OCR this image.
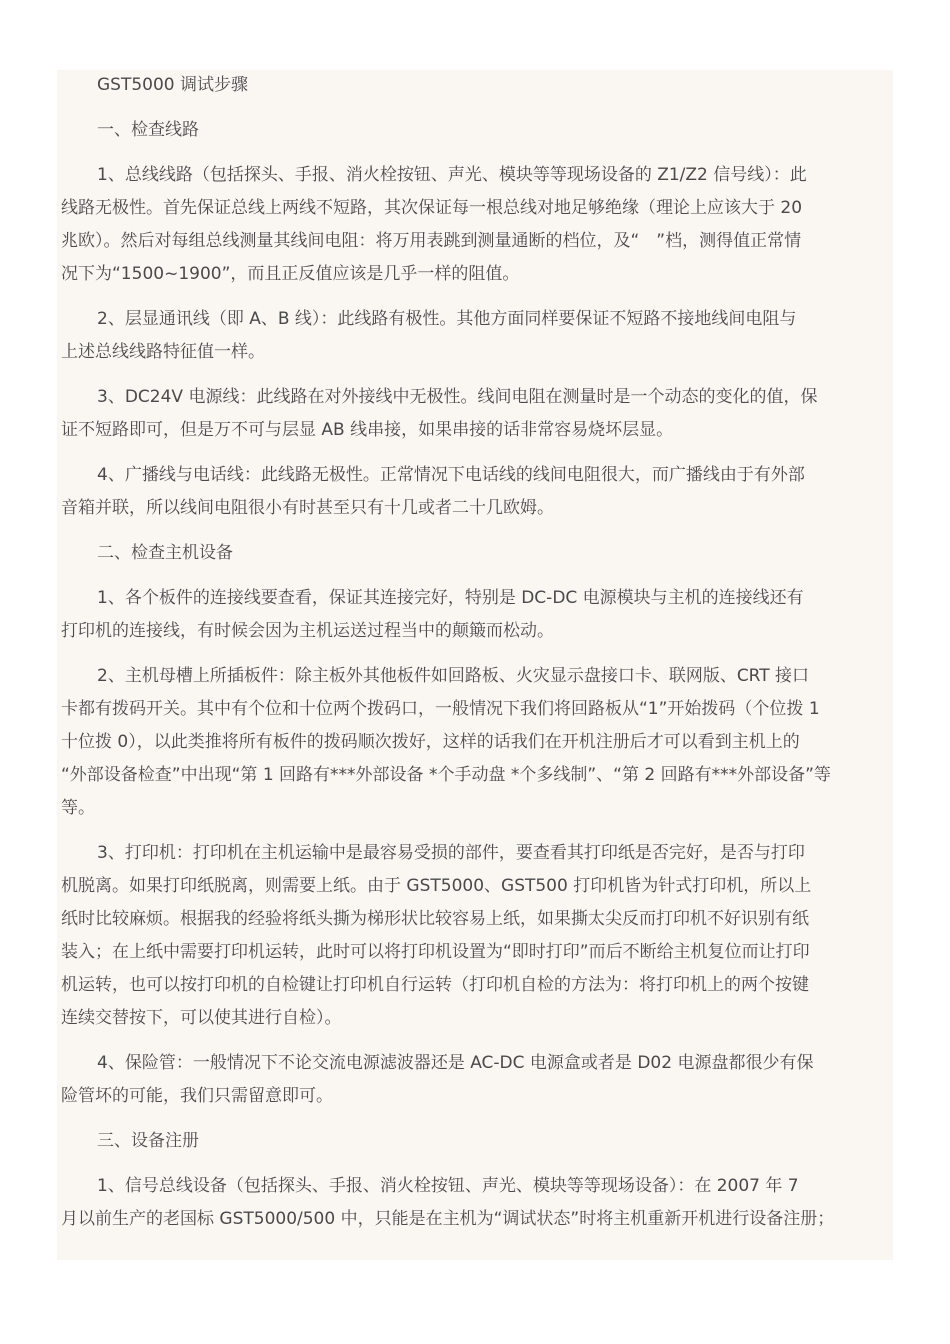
GST5000 调试步骤
一、检查线路
1、总线线路（包括探头、手报、消火栓按钮、声光、模块等等现场设备的 Z1/Z2 信号线）：此
线路无极性。首先保证总线上两线不短路，其次保证每一根总线对地足够绝缘（理论上应该大于 20
兆欧）。然后对每组总线测量其线间电阻：将万用表跳到测量通断的档位，及“　”档，测得值正常情
况下为“1500~1900”，而且正反值应该是几乎一样的阻值。
2、层显通讯线（即 A、B 线）：此线路有极性。其他方面同样要保证不短路不接地线间电阻与
上述总线线路特征值一样。
3、DC24V 电源线：此线路在对外接线中无极性。线间电阻在测量时是一个动态的变化的值，保
证不短路即可，但是万不可与层显 AB 线串接，如果串接的话非常容易烧坏层显。
4、广播线与电话线：此线路无极性。正常情况下电话线的线间电阻很大，而广播线由于有外部
音箱并联，所以线间电阻很小有时甚至只有十几或者二十几欧姆。
二、检查主机设备
1、各个板件的连接线要查看，保证其连接完好，特别是 DC-DC 电源模块与主机的连接线还有
打印机的连接线，有时候会因为主机运送过程当中的颠簸而松动。
2、主机母槽上所插板件：除主板外其他板件如回路板、火灾显示盘接口卡、联网版、CRT 接口
卡都有拨码开关。其中有个位和十位两个拨码口，一般情况下我们将回路板从“1”开始拨码（个位拨 1
十位拨 0），以此类推将所有板件的拨码顺次拨好，这样的话我们在开机注册后才可以看到主机上的
“外部设备检查”中出现“第 1 回路有***外部设备 *个手动盘 *个多线制”、“第 2 回路有***外部设备”等
等。
3、打印机：打印机在主机运输中是最容易受损的部件，要查看其打印纸是否完好，是否与打印
机脱离。如果打印纸脱离，则需要上纸。由于 GST5000、GST500 打印机皆为针式打印机，所以上
纸时比较麻烦。根据我的经验将纸头撕为梯形状比较容易上纸，如果撕太尖反而打印机不好识别有纸
装入；在上纸中需要打印机运转，此时可以将打印机设置为“即时打印”而后不断给主机复位而让打印
机运转，也可以按打印机的自检键让打印机自行运转（打印机自检的方法为：将打印机上的两个按键
连续交替按下，可以使其进行自检）。
4、保险管：一般情况下不论交流电源滤波器还是 AC-DC 电源盒或者是 D02 电源盘都很少有保
险管坏的可能，我们只需留意即可。
三、设备注册
1、信号总线设备（包括探头、手报、消火栓按钮、声光、模块等等现场设备）：在 2007 年 7
月以前生产的老国标 GST5000/500 中，只能是在主机为“调试状态”时将主机重新开机进行设备注册；
